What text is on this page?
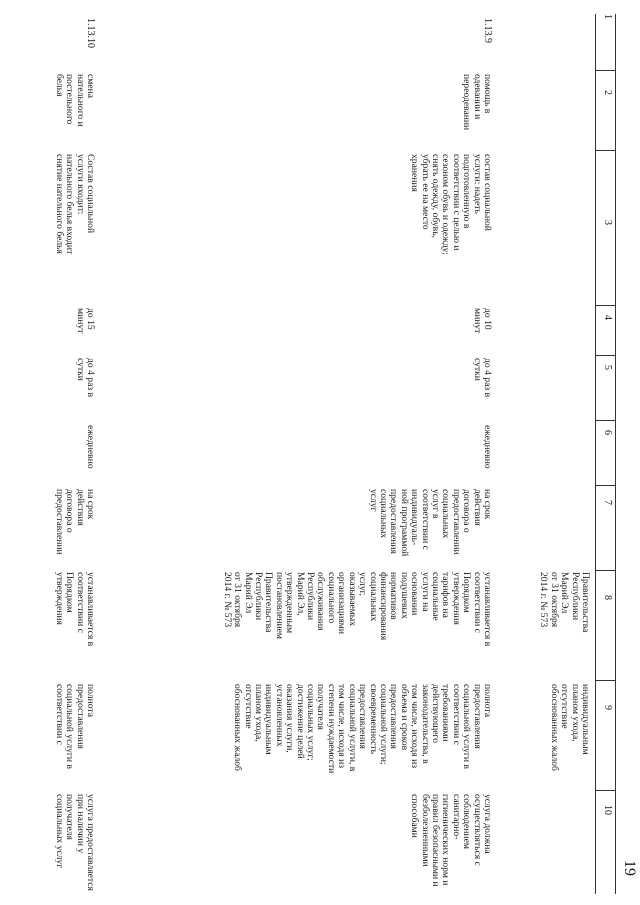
1
2
3
4
5
6
7
8
9
10
Правительства
Республики
Марий Эл
от 31 октября
2014 г. № 573
индивидуальным
планом ухода,
отсутствие
обоснованных жалоб
1.13.9
помощь в
одевании и
переодевании
состав социальной
услуги: надеть
подготовленную в
соответствии с целью и
сезоном обувь и одежду;
снять одежду, обувь,
убрать ее на место
хранения
до 10
минут
до 4 раз в
сутки
ежедневно
на срок
действия
договора о
предоставлении
социальных
услуг в
соответствии с
индивидуаль-
ной программой
предоставления
социальных
услуг
устанавливается в
соответствии с
Порядком
утверждения
тарифов на
социальные
услуги на
основании
подушевых
нормативов
финансирования
социальных
услуг,
оказываемых
организациями
социального
обслуживания
Республики
Марий Эл,
утвержденным
постановлением
Правительства
Республики
Марий Эл
от 31 октября
2014 г. № 573
полнота
предоставления
социальной услуги в
соответствии с
требованиями
действующего
законодательства, в
том числе, исходя из
объема и сроков
предоставления
социальной услуги;
своевременность
предоставления
социальной услуги, в
том числе, исходя из
степени нуждаемости
получателя
социальных услуг;
достижение целей
оказания услуги,
установленных
индивидуальным
планом ухода,
отсутствие
обоснованных жалоб
услуга должна
осуществляться с
соблюдением
санитарно-
гигиенических норм и
правил безопасными и
безболезненными
способами
1.13.10
смена
нательного и
постельного
белья
Состав социальной
услуги входит:
нательного белья входит
снятие нательного белья
до 15
минут
до 4 раз в
сутки
ежедневно
на срок
действия
договора о
предоставлении
устанавливается в
соответствии с
Порядком
утверждения
полнота
предоставления
социальной услуги в
соответствии с
услуга предоставляется
при наличии у
получателя
социальных услуг	19
